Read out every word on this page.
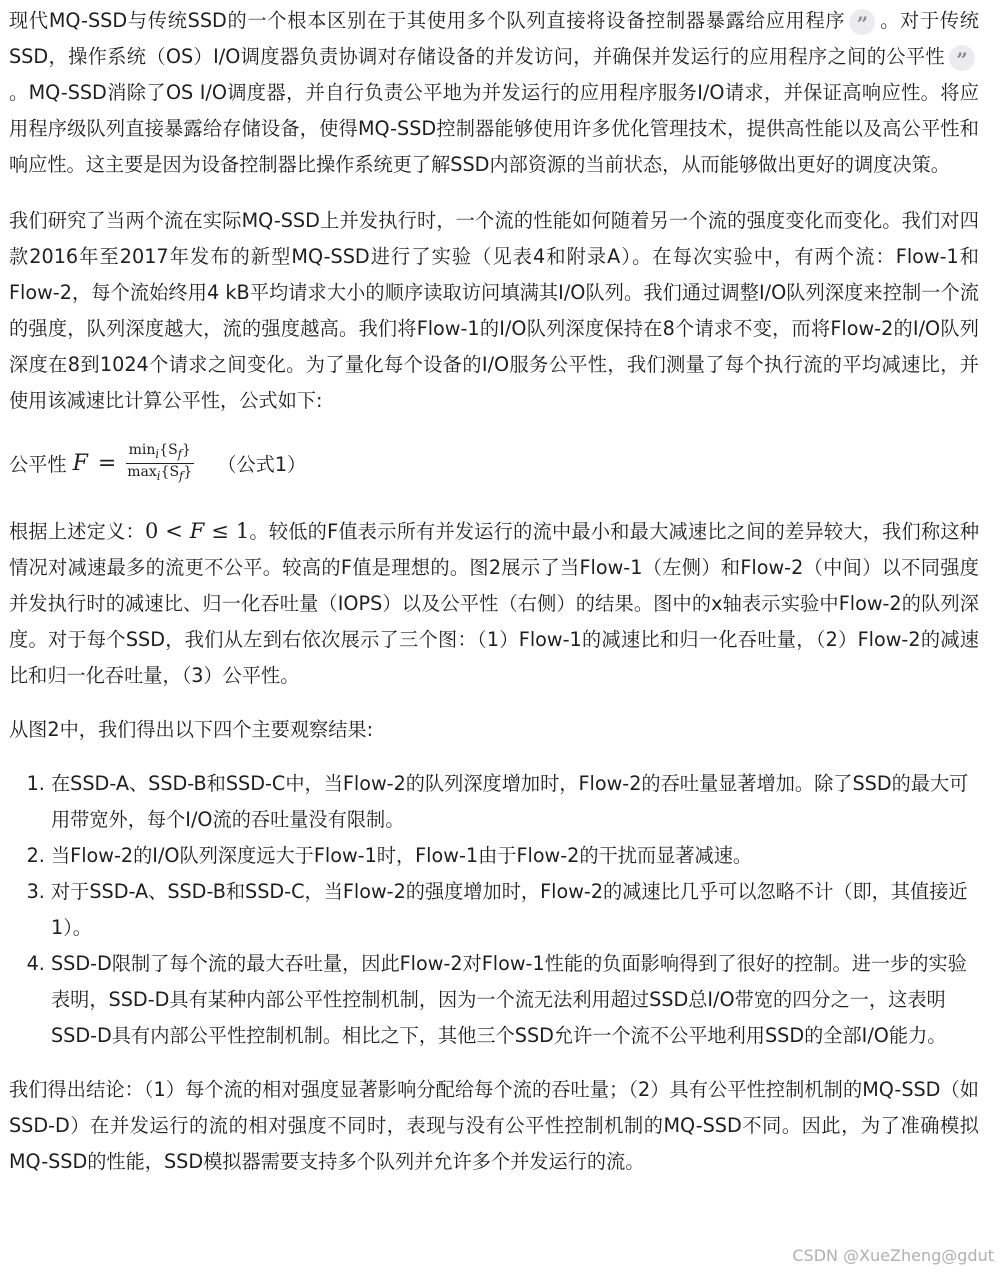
现代MQ-SSD与传统SSD的一个根本区别在于其使用多个队列直接将设备控制器暴露给应用程序 ” 。对于传统SSD，操作系统（OS）I/O调度器负责协调对存储设备的并发访问，并确保并发运行的应用程序之间的公平性 ”。MQ-SSD消除了OS I/O调度器，并自行负责公平地为并发运行的应用程序服务I/O请求，并保证高响应性。将应用程序级队列直接暴露给存储设备，使得MQ-SSD控制器能够使用许多优化管理技术，提供高性能以及高公平性和响应性。这主要是因为设备控制器比操作系统更了解SSD内部资源的当前状态，从而能够做出更好的调度决策。

我们研究了当两个流在实际MQ-SSD上并发执行时，一个流的性能如何随着另一个流的强度变化而变化。我们对四款2016年至2017年发布的新型MQ-SSD进行了实验（见表4和附录A）。在每次实验中，有两个流：Flow-1和Flow-2，每个流始终用4 kB平均请求大小的顺序读取访问填满其I/O队列。我们通过调整I/O队列深度来控制一个流的强度，队列深度越大，流的强度越高。我们将Flow-1的I/O队列深度保持在8个请求不变，而将Flow-2的I/O队列深度在8到1024个请求之间变化。为了量化每个设备的I/O服务公平性，我们测量了每个执行流的平均减速比，并使用该减速比计算公平性，公式如下:

公平性 $F = \frac{\min_i\{S_f\}}{\max_i\{S_f\}}$ （公式1）

根据上述定义：0 < F ≤ 1。较低的F值表示所有并发运行的流中最小和最大减速比之间的差异较大，我们称这种情况对减速最多的流更不公平。较高的F值是理想的。图2展示了当Flow-1（左侧）和Flow-2（中间）以不同强度并发执行时的减速比、归一化吞吐量（IOPS）以及公平性（右侧）的结果。图中的x轴表示实验中Flow-2的队列深度。对于每个SSD，我们从左到右依次展示了三个图：（1）Flow-1的减速比和归一化吞吐量，（2）Flow-2的减速比和归一化吞吐量，（3）公平性。

从图2中，我们得出以下四个主要观察结果:

1. 在SSD-A、SSD-B和SSD-C中，当Flow-2的队列深度增加时，Flow-2的吞吐量显著增加。除了SSD的最大可用带宽外，每个I/O流的吞吐量没有限制。
2. 当Flow-2的I/O队列深度远大于Flow-1时，Flow-1由于Flow-2的干扰而显著减速。
3. 对于SSD-A、SSD-B和SSD-C，当Flow-2的强度增加时，Flow-2的减速比几乎可以忽略不计（即，其值接近1）。
4. SSD-D限制了每个流的最大吞吐量，因此Flow-2对Flow-1性能的负面影响得到了很好的控制。进一步的实验表明，SSD-D具有某种内部公平性控制机制，因为一个流无法利用超过SSD总I/O带宽的四分之一，这表明SSD-D具有内部公平性控制机制。相比之下，其他三个SSD允许一个流不公平地利用SSD的全部I/O能力。

我们得出结论：（1）每个流的相对强度显著影响分配给每个流的吞吐量；（2）具有公平性控制机制的MQ-SSD（如SSD-D）在并发运行的流的相对强度不同时，表现与没有公平性控制机制的MQ-SSD不同。因此，为了准确模拟MQ-SSD的性能，SSD模拟器需要支持多个队列并允许多个并发运行的流。

CSDN @XueZheng@gdut
